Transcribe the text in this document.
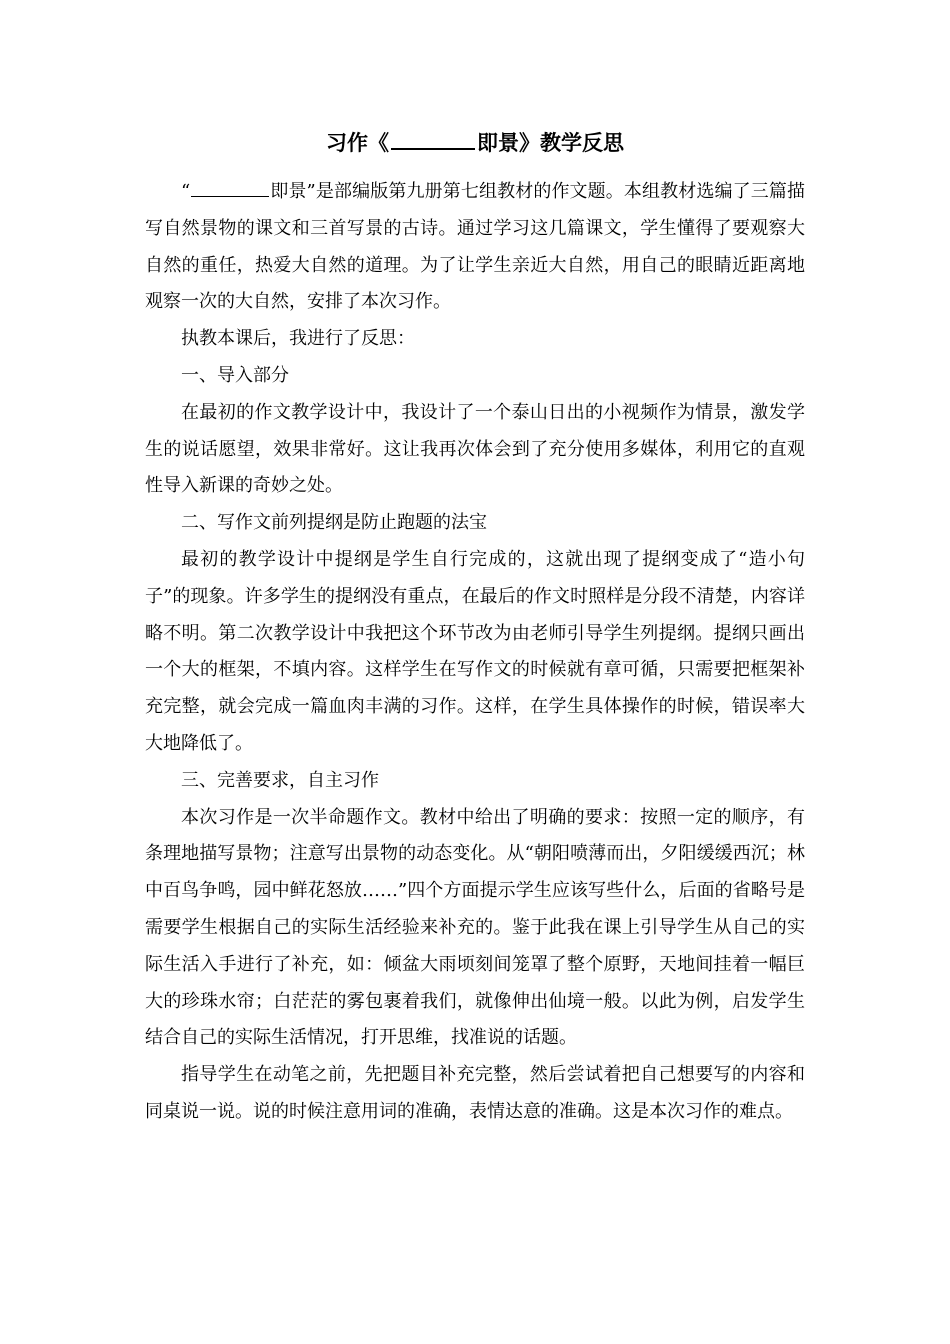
习作《	即景》教学反思

“	即景”是部编版第九册第七组教材的作文题。本组教材选编了三篇描写自然景物的课文和三首写景的古诗。通过学习这几篇课文，学生懂得了要观察大自然的重任，热爱大自然的道理。为了让学生亲近大自然，用自己的眼睛近距离地观察一次的大自然，安排了本次习作。

执教本课后，我进行了反思：

一、导入部分

在最初的作文教学设计中，我设计了一个泰山日出的小视频作为情景，激发学生的说话愿望，效果非常好。这让我再次体会到了充分使用多媒体，利用它的直观性导入新课的奇妙之处。

二、写作文前列提纲是防止跑题的法宝

最初的教学设计中提纲是学生自行完成的，这就出现了提纲变成了“造小句子”的现象。许多学生的提纲没有重点，在最后的作文时照样是分段不清楚，内容详略不明。第二次教学设计中我把这个环节改为由老师引导学生列提纲。提纲只画出一个大的框架，不填内容。这样学生在写作文的时候就有章可循，只需要把框架补充完整，就会完成一篇血肉丰满的习作。这样，在学生具体操作的时候，错误率大大地降低了。

三、完善要求，自主习作

本次习作是一次半命题作文。教材中给出了明确的要求：按照一定的顺序，有条理地描写景物；注意写出景物的动态变化。从“朝阳喷薄而出，夕阳缓缓西沉；林中百鸟争鸣，园中鲜花怒放……”四个方面提示学生应该写些什么，后面的省略号是需要学生根据自己的实际生活经验来补充的。鉴于此我在课上引导学生从自己的实际生活入手进行了补充，如：倾盆大雨顷刻间笼罩了整个原野，天地间挂着一幅巨大的珍珠水帘；白茫茫的雾包裹着我们，就像伸出仙境一般。以此为例，启发学生结合自己的实际生活情况，打开思维，找准说的话题。

指导学生在动笔之前，先把题目补充完整，然后尝试着把自己想要写的内容和同桌说一说。说的时候注意用词的准确，表情达意的准确。这是本次习作的难点。
